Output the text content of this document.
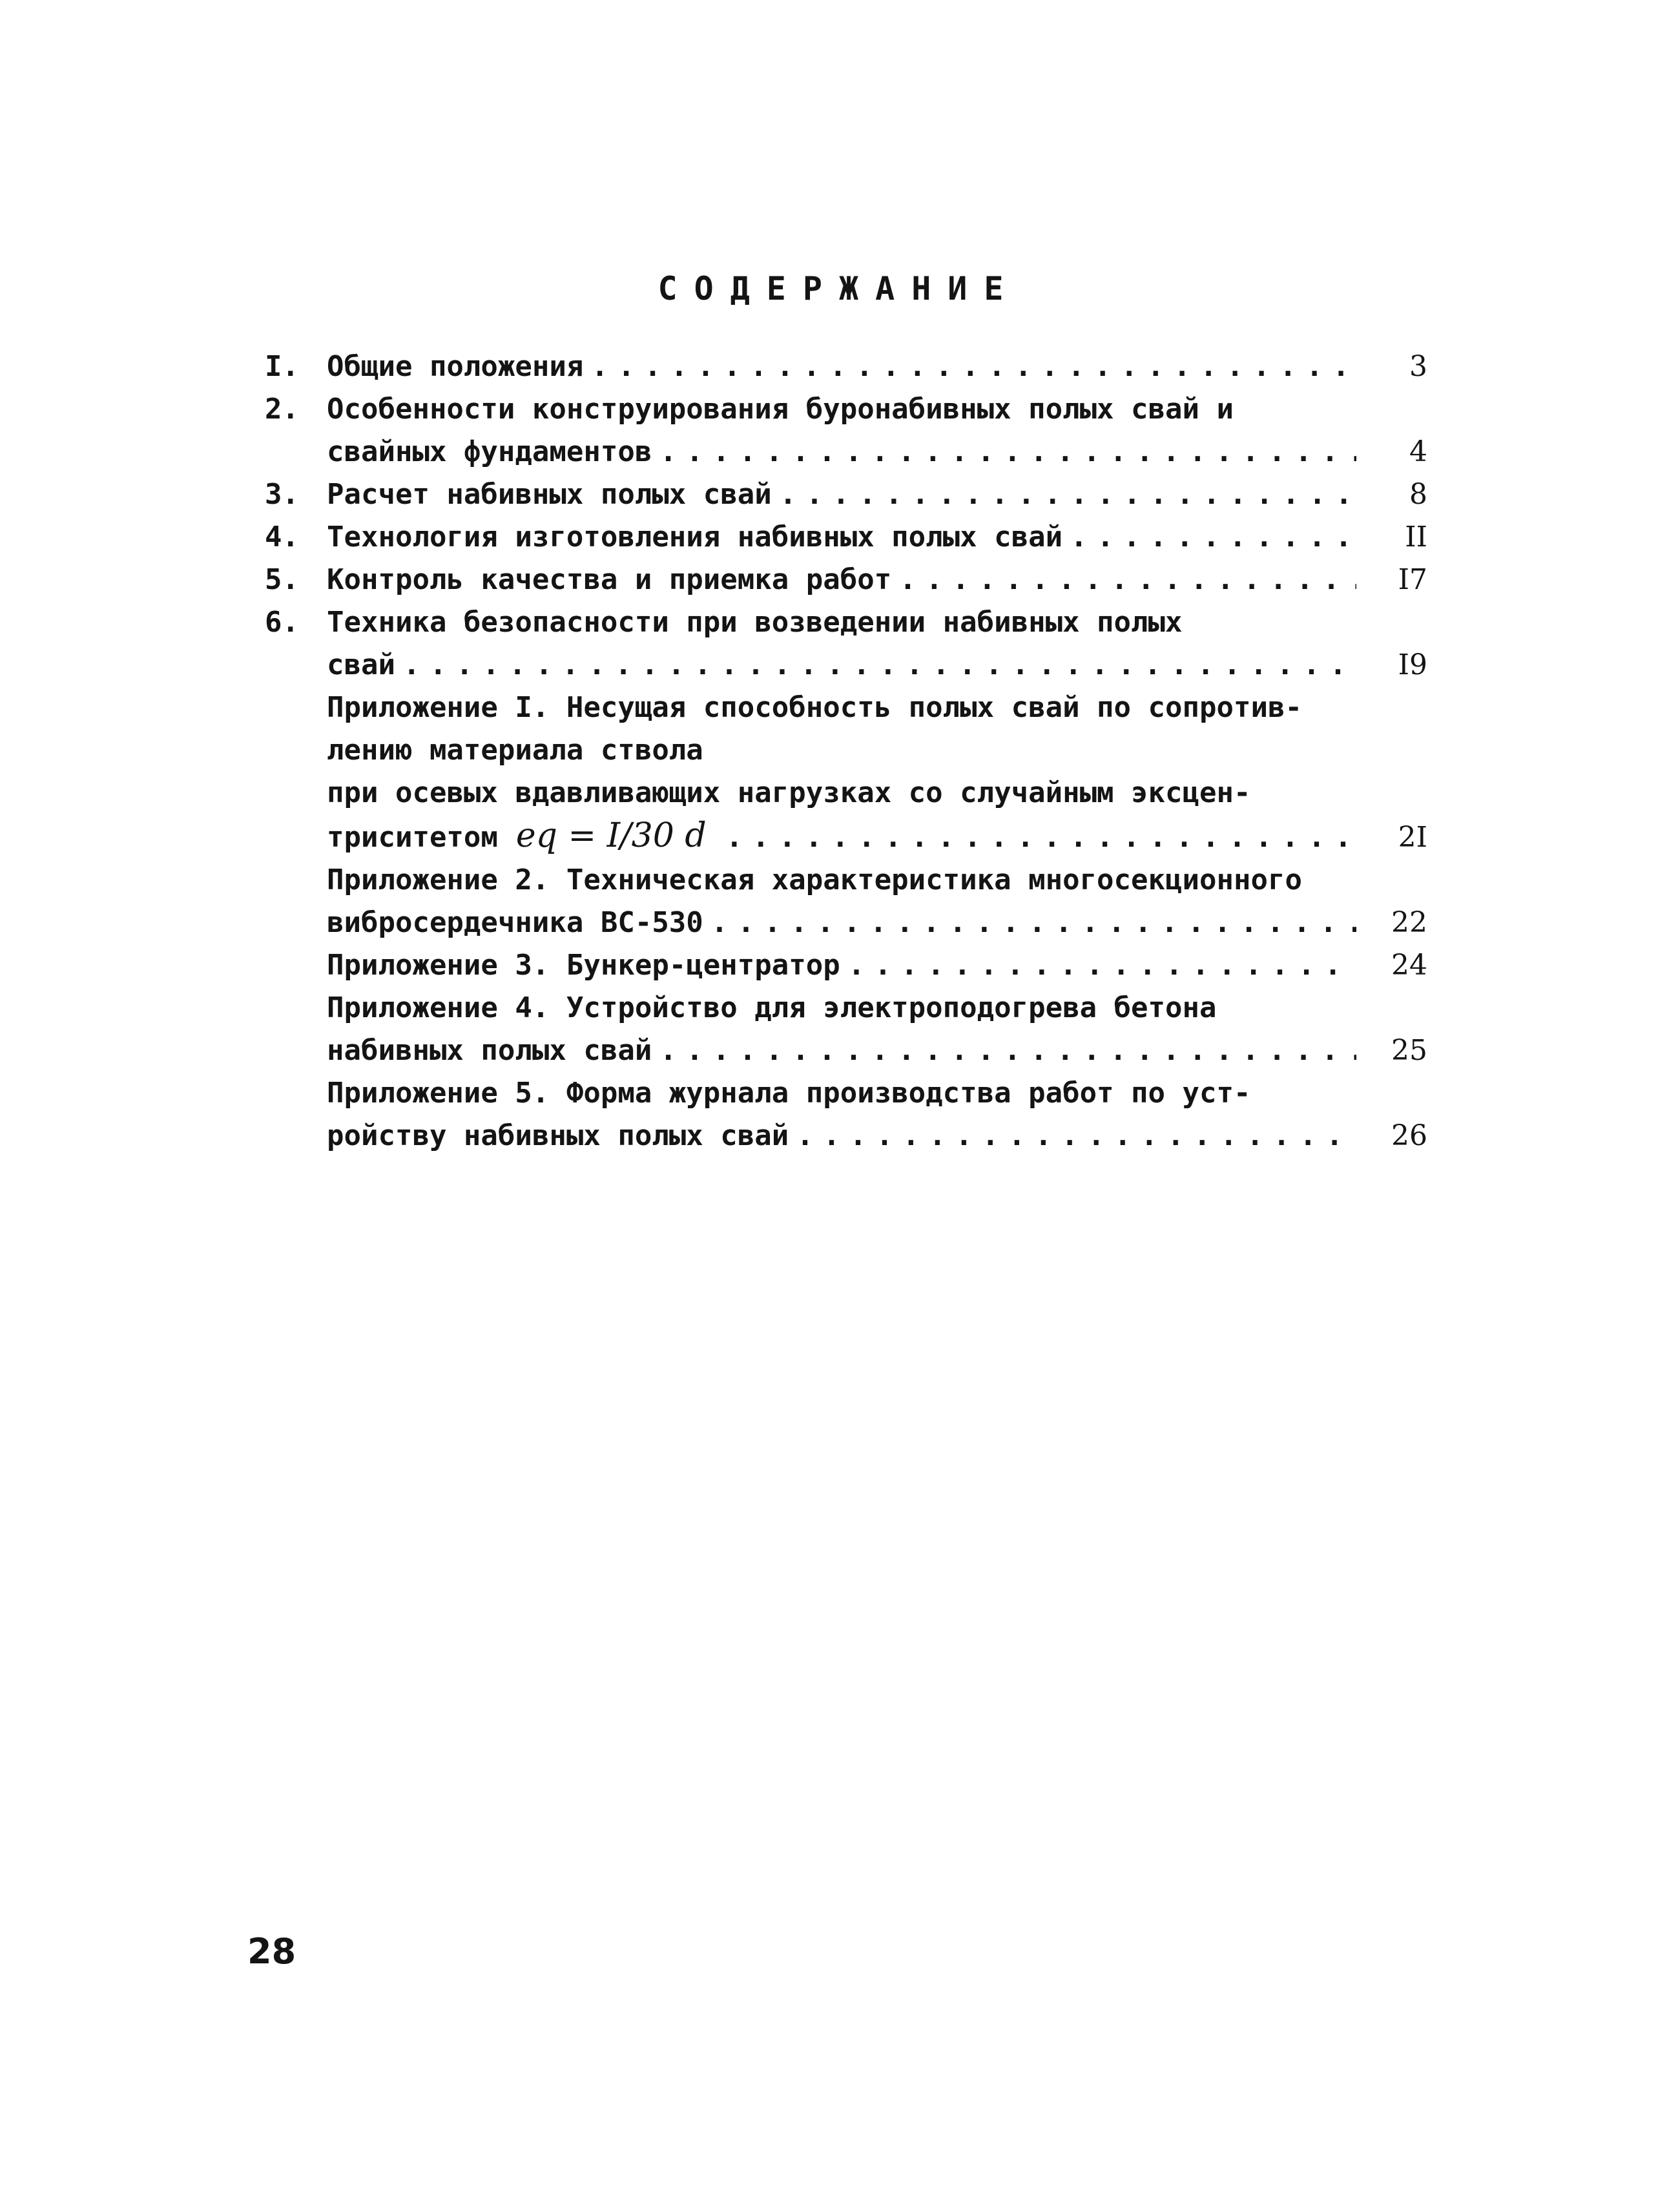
СОДЕРЖАНИЕ
I. Общие положения . . .	3
2. Особенности конструирования буронабивных полых свай и
свайных фундаментов . . .	4
3. Расчет набивных полых свай . . .	8
4. Технология изготовления набивных полых свай . . .	II
5. Контроль качества и приемка работ . . .	I7
6. Техника безопасности при возведении набивных полых
свай . . .	I9
Приложение I. Несущая способность полых свай по сопротив-
лению материала ствола
при осевых вдавливающих нагрузках со случайным эксцен-
триситетом eq = I/30 d . . .	2I
Приложение 2. Техническая характеристика многосекционного
вибросердечника ВС-530 . . .	22
Приложение 3. Бункер-центратор . . .	24
Приложение 4. Устройство для электроподогрева бетона
набивных полых свай . . .	25
Приложение 5. Форма журнала производства работ по уст-
ройству набивных полых свай . . .	26
28
